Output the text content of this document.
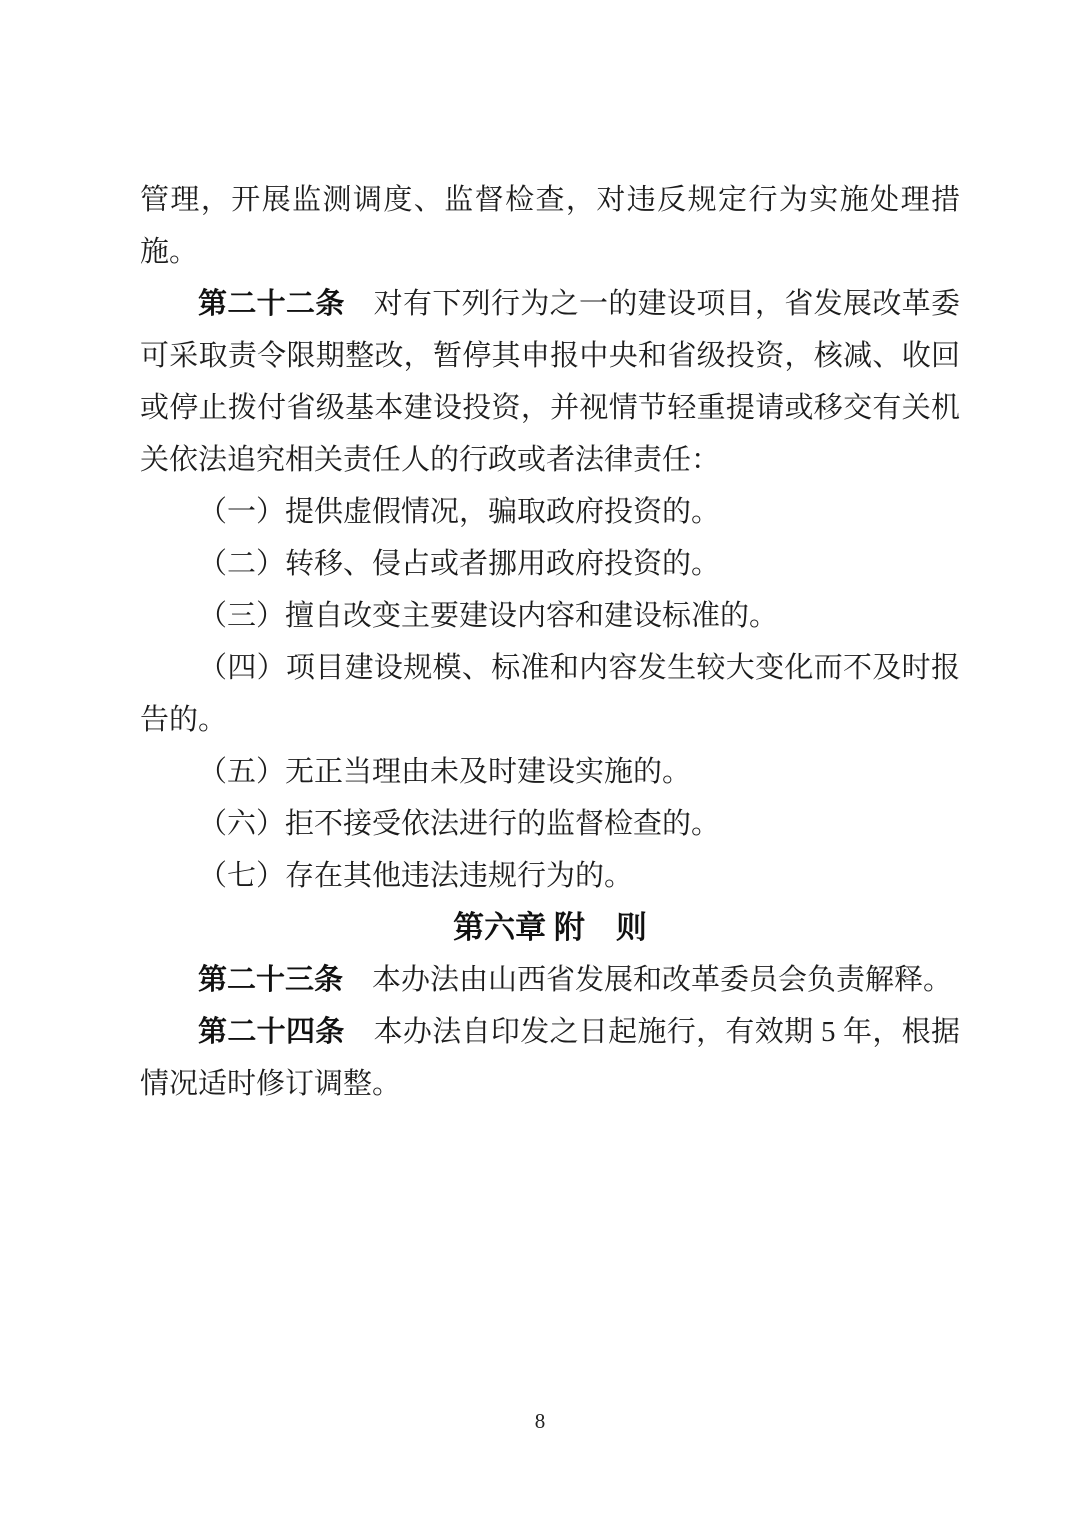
管理，开展监测调度、监督检查，对违反规定行为实施处理措施。

第二十二条 对有下列行为之一的建设项目，省发展改革委可采取责令限期整改，暂停其申报中央和省级投资，核减、收回或停止拨付省级基本建设投资，并视情节轻重提请或移交有关机关依法追究相关责任人的行政或者法律责任：

（一）提供虚假情况，骗取政府投资的。

（二）转移、侵占或者挪用政府投资的。

（三）擅自改变主要建设内容和建设标准的。

（四）项目建设规模、标准和内容发生较大变化而不及时报告的。

（五）无正当理由未及时建设实施的。

（六）拒不接受依法进行的监督检查的。

（七）存在其他违法违规行为的。

第六章 附　则

第二十三条 本办法由山西省发展和改革委员会负责解释。

第二十四条 本办法自印发之日起施行，有效期 5 年，根据情况适时修订调整。

8
